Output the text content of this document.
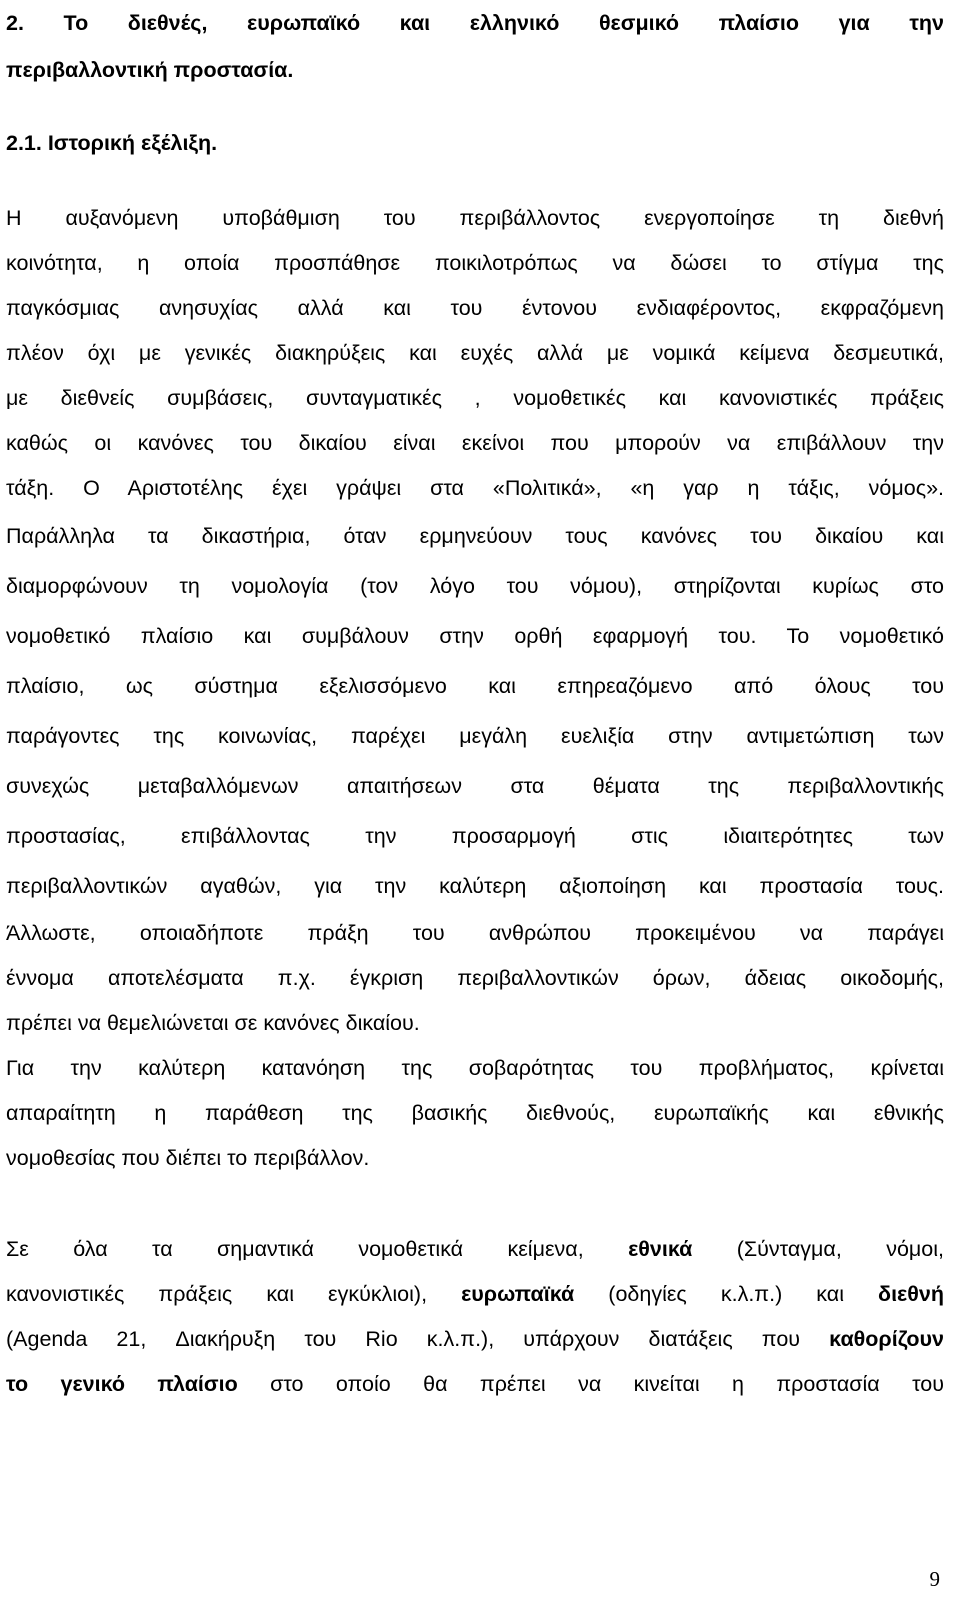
2. Το διεθνές, ευρωπαϊκό και ελληνικό θεσμικό πλαίσιο για την
περιβαλλοντική προστασία.
2.1. Ιστορική εξέλιξη.

Η αυξανόμενη υποβάθμιση του περιβάλλοντος ενεργοποίησε τη διεθνή
κοινότητα, η οποία προσπάθησε ποικιλοτρόπως να δώσει το στίγμα της
παγκόσμιας ανησυχίας αλλά και του έντονου ενδιαφέροντος, εκφραζόμενη
πλέον όχι με γενικές διακηρύξεις και ευχές αλλά με νομικά κείμενα δεσμευτικά,
με διεθνείς συμβάσεις, συνταγματικές , νομοθετικές και κανονιστικές πράξεις
καθώς οι κανόνες του δικαίου είναι εκείνοι που μπορούν να επιβάλλουν την
τάξη. Ο Αριστοτέλης έχει γράψει στα «Πολιτικά», «η γαρ η τάξις, νόμος».

Παράλληλα τα δικαστήρια, όταν ερμηνεύουν τους κανόνες του δικαίου και
διαμορφώνουν τη νομολογία (τον λόγο του νόμου), στηρίζονται κυρίως στο
νομοθετικό πλαίσιο και συμβάλουν στην ορθή εφαρμογή του. Το νομοθετικό
πλαίσιο, ως σύστημα εξελισσόμενο και επηρεαζόμενο από όλους του
παράγοντες της κοινωνίας, παρέχει μεγάλη ευελιξία στην αντιμετώπιση των
συνεχώς μεταβαλλόμενων απαιτήσεων στα θέματα της περιβαλλοντικής
προστασίας, επιβάλλοντας την προσαρμογή στις ιδιαιτερότητες των
περιβαλλοντικών αγαθών, για την καλύτερη αξιοποίηση και προστασία τους.

Άλλωστε, οποιαδήποτε πράξη του ανθρώπου προκειμένου να παράγει
έννομα αποτελέσματα π.χ. έγκριση περιβαλλοντικών όρων, άδειας οικοδομής,
πρέπει να θεμελιώνεται σε κανόνες δικαίου.

Για την καλύτερη κατανόηση της σοβαρότητας του προβλήματος, κρίνεται
απαραίτητη η παράθεση της βασικής διεθνούς, ευρωπαϊκής και εθνικής
νομοθεσίας που διέπει το περιβάλλον.

Σε όλα τα σημαντικά νομοθετικά κείμενα, εθνικά (Σύνταγμα, νόμοι,
κανονιστικές πράξεις και εγκύκλιοι), ευρωπαϊκά (οδηγίες κ.λ.π.) και διεθνή
(Agenda 21, Διακήρυξη του Rio κ.λ.π.), υπάρχουν διατάξεις που καθορίζουν
το γενικό πλαίσιο στο οποίο θα πρέπει να κινείται η προστασία του

9
